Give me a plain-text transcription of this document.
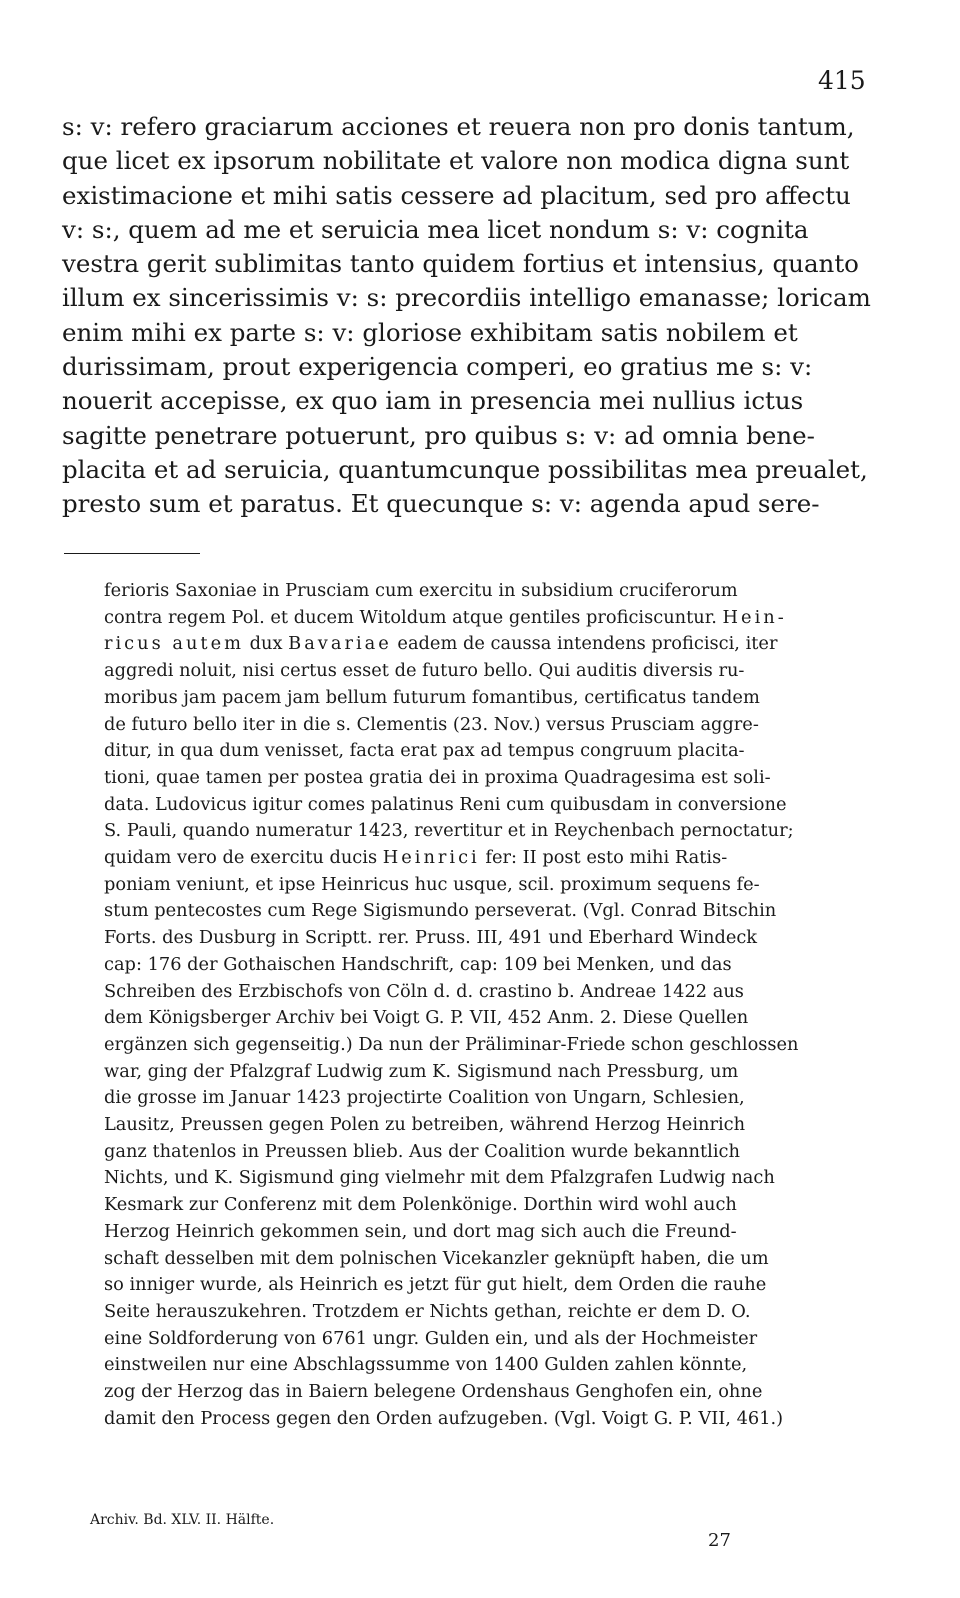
415
s: v: refero graciarum acciones et reuera non pro donis tantum,
que licet ex ipsorum nobilitate et valore non modica digna sunt
existimacione et mihi satis cessere ad placitum, sed pro affectu
v: s:, quem ad me et seruicia mea licet nondum s: v: cognita
vestra gerit sublimitas tanto quidem fortius et intensius, quanto
illum ex sincerissimis v: s: precordiis intelligo emanasse; loricam
enim mihi ex parte s: v: gloriose exhibitam satis nobilem et
durissimam, prout experigencia comperi, eo gratius me s: v:
nouerit accepisse, ex quo iam in presencia mei nullius ictus
sagitte penetrare potuerunt, pro quibus s: v: ad omnia bene-
placita et ad seruicia, quantumcunque possibilitas mea preualet,
presto sum et paratus. Et quecunque s: v: agenda apud sere-
ferioris Saxoniae in Prusciam cum exercitu in subsidium cruciferorum
contra regem Pol. et ducem Witoldum atque gentiles proficiscuntur. Hein-
ricus autem dux Bavariae eadem de caussa intendens proficisci, iter
aggredi noluit, nisi certus esset de futuro bello. Qui auditis diversis ru-
moribus jam pacem jam bellum futurum fomantibus, certificatus tandem
de futuro bello iter in die s. Clementis (23. Nov.) versus Prusciam aggre-
ditur, in qua dum venisset, facta erat pax ad tempus congruum placita-
tioni, quae tamen per postea gratia dei in proxima Quadragesima est soli-
data. Ludovicus igitur comes palatinus Reni cum quibusdam in conversione
S. Pauli, quando numeratur 1423, revertitur et in Reychenbach pernoctatur;
quidam vero de exercitu ducis Heinrici fer: II post esto mihi Ratis-
poniam veniunt, et ipse Heinricus huc usque, scil. proximum sequens fe-
stum pentecostes cum Rege Sigismundo perseverat. (Vgl. Conrad Bitschin
Forts. des Dusburg in Scriptt. rer. Pruss. III, 491 und Eberhard Windeck
cap: 176 der Gothaischen Handschrift, cap: 109 bei Menken, und das
Schreiben des Erzbischofs von Cöln d. d. crastino b. Andreae 1422 aus
dem Königsberger Archiv bei Voigt G. P. VII, 452 Anm. 2. Diese Quellen
ergänzen sich gegenseitig.) Da nun der Präliminar-Friede schon geschlossen
war, ging der Pfalzgraf Ludwig zum K. Sigismund nach Pressburg, um
die grosse im Januar 1423 projectirte Coalition von Ungarn, Schlesien,
Lausitz, Preussen gegen Polen zu betreiben, während Herzog Heinrich
ganz thatenlos in Preussen blieb. Aus der Coalition wurde bekanntlich
Nichts, und K. Sigismund ging vielmehr mit dem Pfalzgrafen Ludwig nach
Kesmark zur Conferenz mit dem Polenkönige. Dorthin wird wohl auch
Herzog Heinrich gekommen sein, und dort mag sich auch die Freund-
schaft desselben mit dem polnischen Vicekanzler geknüpft haben, die um
so inniger wurde, als Heinrich es jetzt für gut hielt, dem Orden die rauhe
Seite herauszukehren. Trotzdem er Nichts gethan, reichte er dem D. O.
eine Soldforderung von 6761 ungr. Gulden ein, und als der Hochmeister
einstweilen nur eine Abschlagssumme von 1400 Gulden zahlen könnte,
zog der Herzog das in Baiern belegene Ordenshaus Genghofen ein, ohne
damit den Process gegen den Orden aufzugeben. (Vgl. Voigt G. P. VII, 461.)
Archiv. Bd. XLV. II. Hälfte.
27
